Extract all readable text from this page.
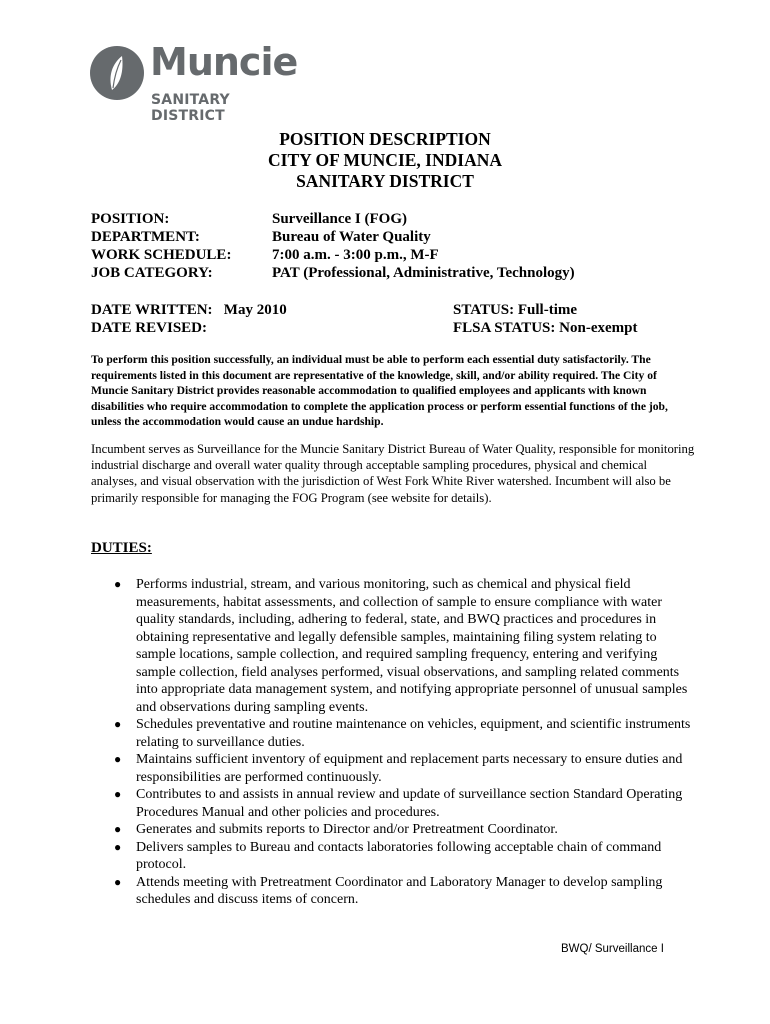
Muncie
SANITARY DISTRICT
POSITION DESCRIPTION
CITY OF MUNCIE, INDIANA
SANITARY DISTRICT
POSITION:	Surveillance I (FOG)
DEPARTMENT:	Bureau of Water Quality
WORK SCHEDULE:	7:00 a.m. - 3:00 p.m., M-F
JOB CATEGORY:	PAT (Professional, Administrative, Technology)
DATE WRITTEN:   May 2010	STATUS: Full-time
DATE REVISED:	FLSA STATUS: Non-exempt
To perform this position successfully, an individual must be able to perform each essential duty satisfactorily. The requirements listed in this document are representative of the knowledge, skill, and/or ability required. The City of Muncie Sanitary District provides reasonable accommodation to qualified employees and applicants with known disabilities who require accommodation to complete the application process or perform essential functions of the job, unless the accommodation would cause an undue hardship.
Incumbent serves as Surveillance for the Muncie Sanitary District Bureau of Water Quality, responsible for monitoring industrial discharge and overall water quality through acceptable sampling procedures, physical and chemical analyses, and visual observation with the jurisdiction of West Fork White River watershed. Incumbent will also be primarily responsible for managing the FOG Program (see website for details).
DUTIES:
● Performs industrial, stream, and various monitoring, such as chemical and physical field measurements, habitat assessments, and collection of sample to ensure compliance with water quality standards, including, adhering to federal, state, and BWQ practices and procedures in obtaining representative and legally defensible samples, maintaining filing system relating to sample locations, sample collection, and required sampling frequency, entering and verifying sample collection, field analyses performed, visual observations, and sampling related comments into appropriate data management system, and notifying appropriate personnel of unusual samples and observations during sampling events.
● Schedules preventative and routine maintenance on vehicles, equipment, and scientific instruments relating to surveillance duties.
● Maintains sufficient inventory of equipment and replacement parts necessary to ensure duties and responsibilities are performed continuously.
● Contributes to and assists in annual review and update of surveillance section Standard Operating Procedures Manual and other policies and procedures.
● Generates and submits reports to Director and/or Pretreatment Coordinator.
● Delivers samples to Bureau and contacts laboratories following acceptable chain of command protocol.
● Attends meeting with Pretreatment Coordinator and Laboratory Manager to develop sampling schedules and discuss items of concern.
BWQ/ Surveillance I
